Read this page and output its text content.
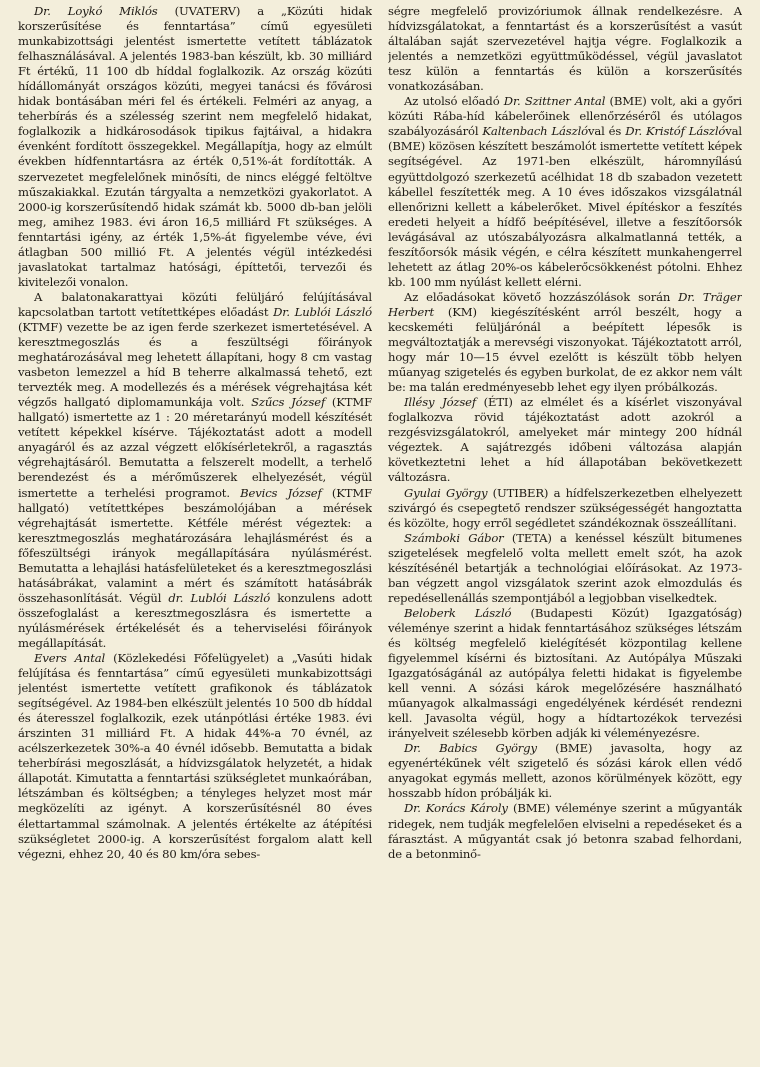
Dr. Loykó Miklós (UVATERV) a „Közúti hidak korszerűsítése és fenntartása” című egyesületi munkabizottsági jelentést ismertette vetített táblázatok felhasználásával. A jelentés 1983-ban készült, kb. 30 milliárd Ft értékű, 11 100 db híddal foglalkozik. Az ország közúti hídállományát országos közúti, megyei tanácsi és fővárosi hidak bontásában méri fel és értékeli. Felméri az anyag, a teherbírás és a szélesség szerint nem megfelelő hidakat, foglalkozik a hidkárosodások tipikus fajtáival, a hidakra évenként fordított összegekkel. Megállapítja, hogy az elmúlt években hídfenntartásra az érték 0,51%-át fordították. A szervezetet megfelelőnek minősíti, de nincs eléggé feltöltve műszakiakkal. Ezután tárgyalta a nemzetközi gyakorlatot. A 2000-ig korszerűsítendő hidak számát kb. 5000 db-ban jelöli meg, amihez 1983. évi áron 16,5 milliárd Ft szükséges. A fenntartási igény, az érték 1,5%-át figyelembe véve, évi átlagban 500 millió Ft. A jelentés végül intézkedési javaslatokat tartalmaz hatósági, építtetői, tervezői és kivitelezői vonalon.

A balatonakarattyai közúti felüljáró felújításával kapcsolatban tartott vetítettképes előadást Dr. Lublói László (KTMF) vezette be az igen ferde szerkezet ismertetésével. A keresztmegoszlás és a feszültségi főirányok meghatározásával meg lehetett állapítani, hogy 8 cm vastag vasbeton lemezzel a híd B teherre alkalmassá tehető, ezt tervezték meg. A modellezés és a mérések végrehajtása két végzős hallgató diplomamunkája volt. Szűcs József (KTMF hallgató) ismertette az 1 : 20 méretarányú modell készítését vetített képekkel kísérve. Tájékoztatást adott a modell anyagáról és az azzal végzett előkísérletekről, a ragasztás végrehajtásáról. Bemutatta a felszerelt modellt, a terhelő berendezést és a mérőműszerek elhelyezését, végül ismertette a terhelési programot. Bevics József (KTMF hallgató) vetítettképes beszámolójában a mérések végrehajtását ismertette. Kétféle mérést végeztek: a keresztmegoszlás meghatározására lehajlásmérést és a főfeszültségi irányok megállapítására nyúlásmérést. Bemutatta a lehajlási hatásfelületeket és a keresztmegoszlási hatásábrákat, valamint a mért és számított hatásábrák összehasonlítását. Végül dr. Lublói László konzulens adott összefoglalást a keresztmegoszlásra és ismertette a nyúlásmérések értékelését és a teherviselési főirányok megállapítását.

Evers Antal (Közlekedési Főfelügyelet) a „Vasúti hidak felújítása és fenntartása” című egyesületi munkabizottsági jelentést ismertette vetített grafikonok és táblázatok segítségével. Az 1984-ben elkészült jelentés 10 500 db híddal és áteresszel foglalkozik, ezek utánpótlási értéke 1983. évi árszinten 31 milliárd Ft. A hidak 44%-a 70 évnél, az acélszerkezetek 30%-a 40 évnél idősebb. Bemutatta a bidak teherbírási megoszlását, a hídvizsgálatok helyzetét, a hidak állapotát. Kimutatta a fenntartási szükségletet munkaórában, létszámban és költségben; a tényleges helyzet most már megközelíti az igényt. A korszerűsítésnél 80 éves élettartammal számolnak. A jelentés értékelte az átépítési szükségletet 2000-ig. A korszerűsítést forgalom alatt kell végezni, ehhez 20, 40 és 80 km/óra sebes-

ségre megfelelő provizóriumok állnak rendelkezésre. A hídvizsgálatokat, a fenntartást és a korszerűsítést a vasút általában saját szervezetével hajtja végre. Foglalkozik a jelentés a nemzetközi együttműködéssel, végül javaslatot tesz külön a fenntartás és külön a korszerűsítés vonatkozásában.

Az utolsó előadó Dr. Szittner Antal (BME) volt, aki a győri közúti Rába-híd kábelerőinek ellenőrzéséről és utólagos szabályozásáról Kaltenbach Lászlóval és Dr. Kristóf Lászlóval (BME) közösen készített beszámolót ismertette vetített képek segítségével. Az 1971-ben elkészült, háromnyílású együttdolgozó szerkezetű acélhidat 18 db szabadon vezetett kábellel feszítették meg. A 10 éves időszakos vizsgálatnál ellenőrizni kellett a kábelerőket. Mivel építéskor a feszítés eredeti helyeit a hídfő beépítésével, illetve a feszítőorsók levágásával az utószabályozásra alkalmatlanná tették, a feszítőorsók másik végén, e célra készített munkahengerrel lehetett az átlag 20%-os kábelerőcsökkenést pótolni. Ehhez kb. 100 mm nyúlást kellett elérni.

Az előadásokat követő hozzászólások során Dr. Träger Herbert (KM) kiegészítésként arról beszélt, hogy a kecskeméti felüljárónál a beépített lépesők is megváltoztatják a merevségi viszonyokat. Tájékoztatott arról, hogy már 10—15 évvel ezelőtt is készült több helyen műanyag szigetelés és egyben burkolat, de ez akkor nem vált be: ma talán eredményesebb lehet egy ilyen próbálkozás.

Illésy József (ÉTI) az elmélet és a kísérlet viszonyával foglalkozva rövid tájékoztatást adott azokról a rezgésvizsgálatokról, amelyeket már mintegy 200 hídnál végeztek. A sajátrezgés időbeni változása alapján következtetni lehet a híd állapotában bekövetkezett változásra.

Gyulai György (UTIBER) a hídfelszerkezetben elhelyezett szivárgó és csepegtető rendszer szükségességét hangoztatta és közölte, hogy erről segédletet szándékoznak összeállítani.

Számboki Gábor (TETA) a kenéssel készült bitumenes szigetelések megfelelő volta mellett emelt szót, ha azok készítésénél betartják a technológiai előírásokat. Az 1973-ban végzett angol vizsgálatok szerint azok elmozdulás és repedésellenállás szempontjából a legjobban viselkedtek.

Beloberk László (Budapesti Közút) Igazgatóság) véleménye szerint a hidak fenntartásához szükséges létszám és költség megfelelő kielégítését központilag kellene figyelemmel kísérni és biztosítani. Az Autópálya Műszaki Igazgatóságánál az autópálya feletti hidakat is figyelembe kell venni. A sózási károk megelőzésére használható műanyagok alkalmassági engedélyének kérdését rendezni kell. Javasolta végül, hogy a hídtartozékok tervezési irányelveit szélesebb körben adják ki véleményezésre.

Dr. Babics György (BME) javasolta, hogy az egyenértékűnek vélt szigetelő és sózási károk ellen védő anyagokat egymás mellett, azonos körülmények között, egy hosszabb hídon próbálják ki.

Dr. Korács Károly (BME) véleménye szerint a műgyanták ridegek, nem tudják megfelelően elviselni a repedéseket és a fárasztást. A műgyantát csak jó betonra szabad felhordani, de a betonminő-
